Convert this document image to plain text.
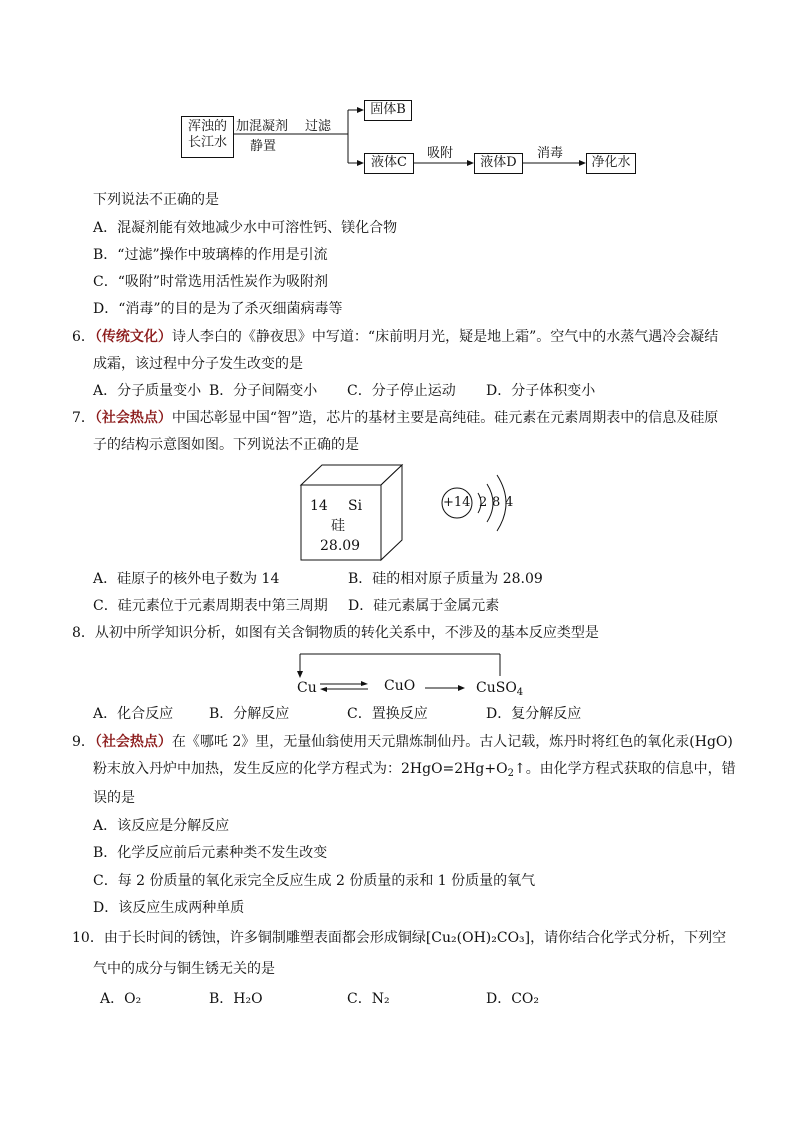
浑浊的
长江水
加混凝剂
静置
过滤
固体B
液体C
吸附
液体D
消毒
净化水
下列说法不正确的是
A．混凝剂能有效地减少水中可溶性钙、镁化合物
B．“过滤”操作中玻璃棒的作用是引流
C．“吸附”时常选用活性炭作为吸附剂
D．“消毒”的目的是为了杀灭细菌病毒等
6．（传统文化）诗人李白的《静夜思》中写道：“床前明月光，疑是地上霜”。空气中的水蒸气遇冷会凝结
成霜，该过程中分子发生改变的是
A．分子质量变小 B．分子间隔变小 C．分子停止运动 D．分子体积变小
7．（社会热点）中国芯彰显中国“智”造，芯片的基材主要是高纯硅。硅元素在元素周期表中的信息及硅原
子的结构示意图如图。下列说法不正确的是
14 Si
硅
28.09
+14 2 8 4
A．硅原子的核外电子数为 14	B．硅的相对原子质量为 28.09
C．硅元素位于元素周期表中第三周期 D．硅元素属于金属元素
8．从初中所学知识分析，如图有关含铜物质的转化关系中，不涉及的基本反应类型是
Cu	CuO	CuSO$_4$
A．化合反应	B．分解反应	C．置换反应	D．复分解反应
9．（社会热点）在《哪吒 2》里，无量仙翁使用天元鼎炼制仙丹。古人记载，炼丹时将红色的氧化汞(HgO)
粉末放入丹炉中加热，发生反应的化学方程式为：$2HgO=2Hg+O_2↑$。由化学方程式获取的信息中，错
误的是
A．该反应是分解反应
B．化学反应前后元素种类不发生改变
C．每 2 份质量的氧化汞完全反应生成 2 份质量的汞和 1 份质量的氧气
D．该反应生成两种单质
10．由于长时间的锈蚀，许多铜制雕塑表面都会形成铜绿[Cu₂(OH)₂CO₃]，请你结合化学式分析，下列空
气中的成分与铜生锈无关的是
A．O₂	B．H₂O	C．N₂	D．CO₂
